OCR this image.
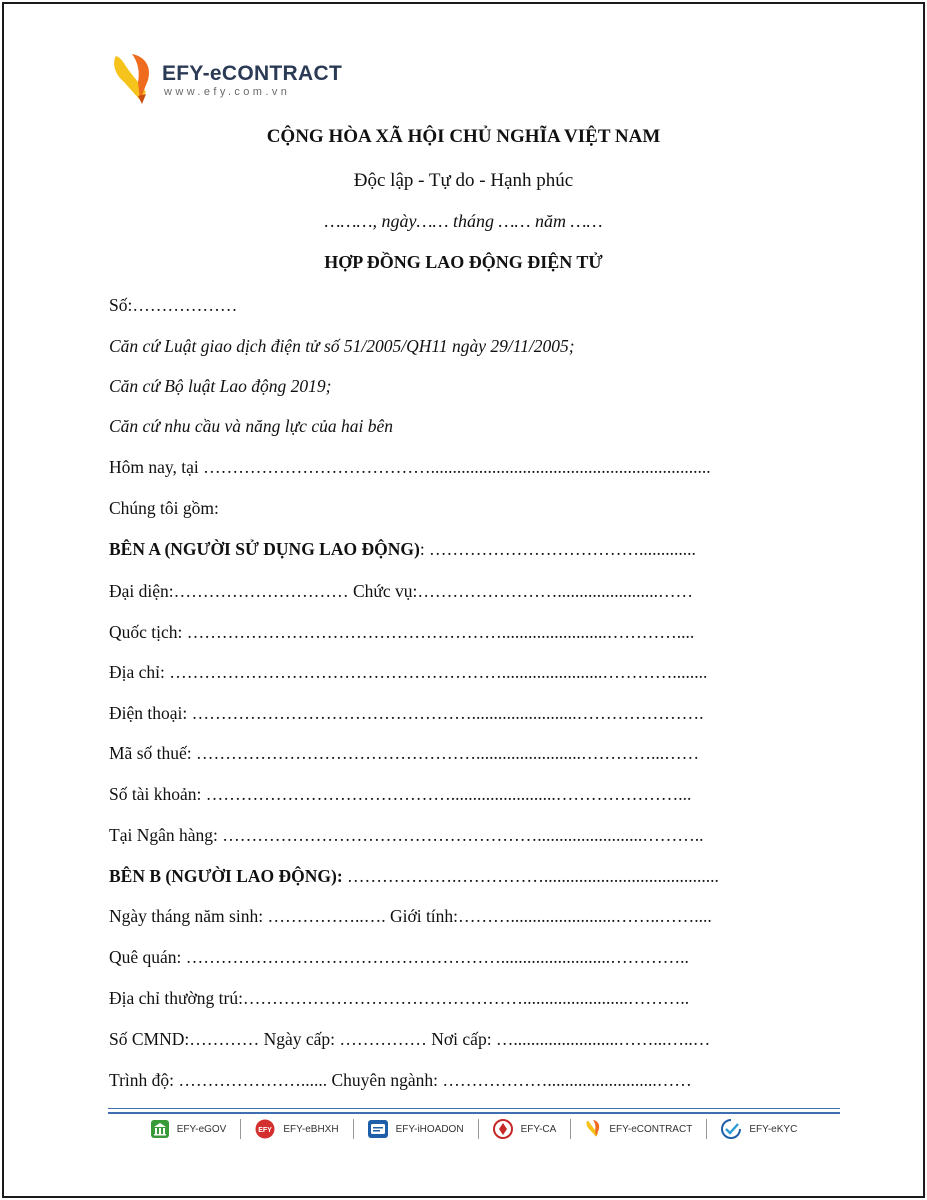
EFY-eCONTRACT
www.efy.com.vn
CỘNG HÒA XÃ HỘI CHỦ NGHĨA VIỆT NAM
Độc lập - Tự do - Hạnh phúc
………, ngày…… tháng …… năm ……
HỢP ĐỒNG LAO ĐỘNG ĐIỆN TỬ
Số:………………
Căn cứ Luật giao dịch điện tử số 51/2005/QH11 ngày 29/11/2005;
Căn cứ Bộ luật Lao động 2019;
Căn cứ nhu cầu và năng lực của hai bên
Hôm nay, tại …………………………………................................................................
Chúng tôi gồm:
BÊN A (NGƯỜI SỬ DỤNG LAO ĐỘNG): ……………………………….............
Đại diện:………………………… Chức vụ:…………………….......................……
Quốc tịch: ………………………………………………........................…………....
Địa chỉ: ………………………………………………….......................…………........
Điện thoại: …………………………………………........................………………….
Mã số thuế: …………………………………………........................…………...……
Số tài khoản: ……………………………………........................…………………...
Tại Ngân hàng: ………………………………………………........................………..
BÊN B (NGƯỜI LAO ĐỘNG): ……………….……………........................................
Ngày tháng năm sinh: ……………..…. Giới tính:………........................……..……....
Quê quán: ……………………………………………….........................…………..
Địa chỉ thường trú:…………………………………………........................………..
Số CMND:………… Ngày cấp: …………… Nơi cấp: …........................……...…..…
Trình độ: …………………...... Chuyên ngành: ……………….........................……
EFY-eGOV	EFY EFY-eBHXH	EFY-iHOADON	EFY-CA	EFY-eCONTRACT	EFY-eKYC
